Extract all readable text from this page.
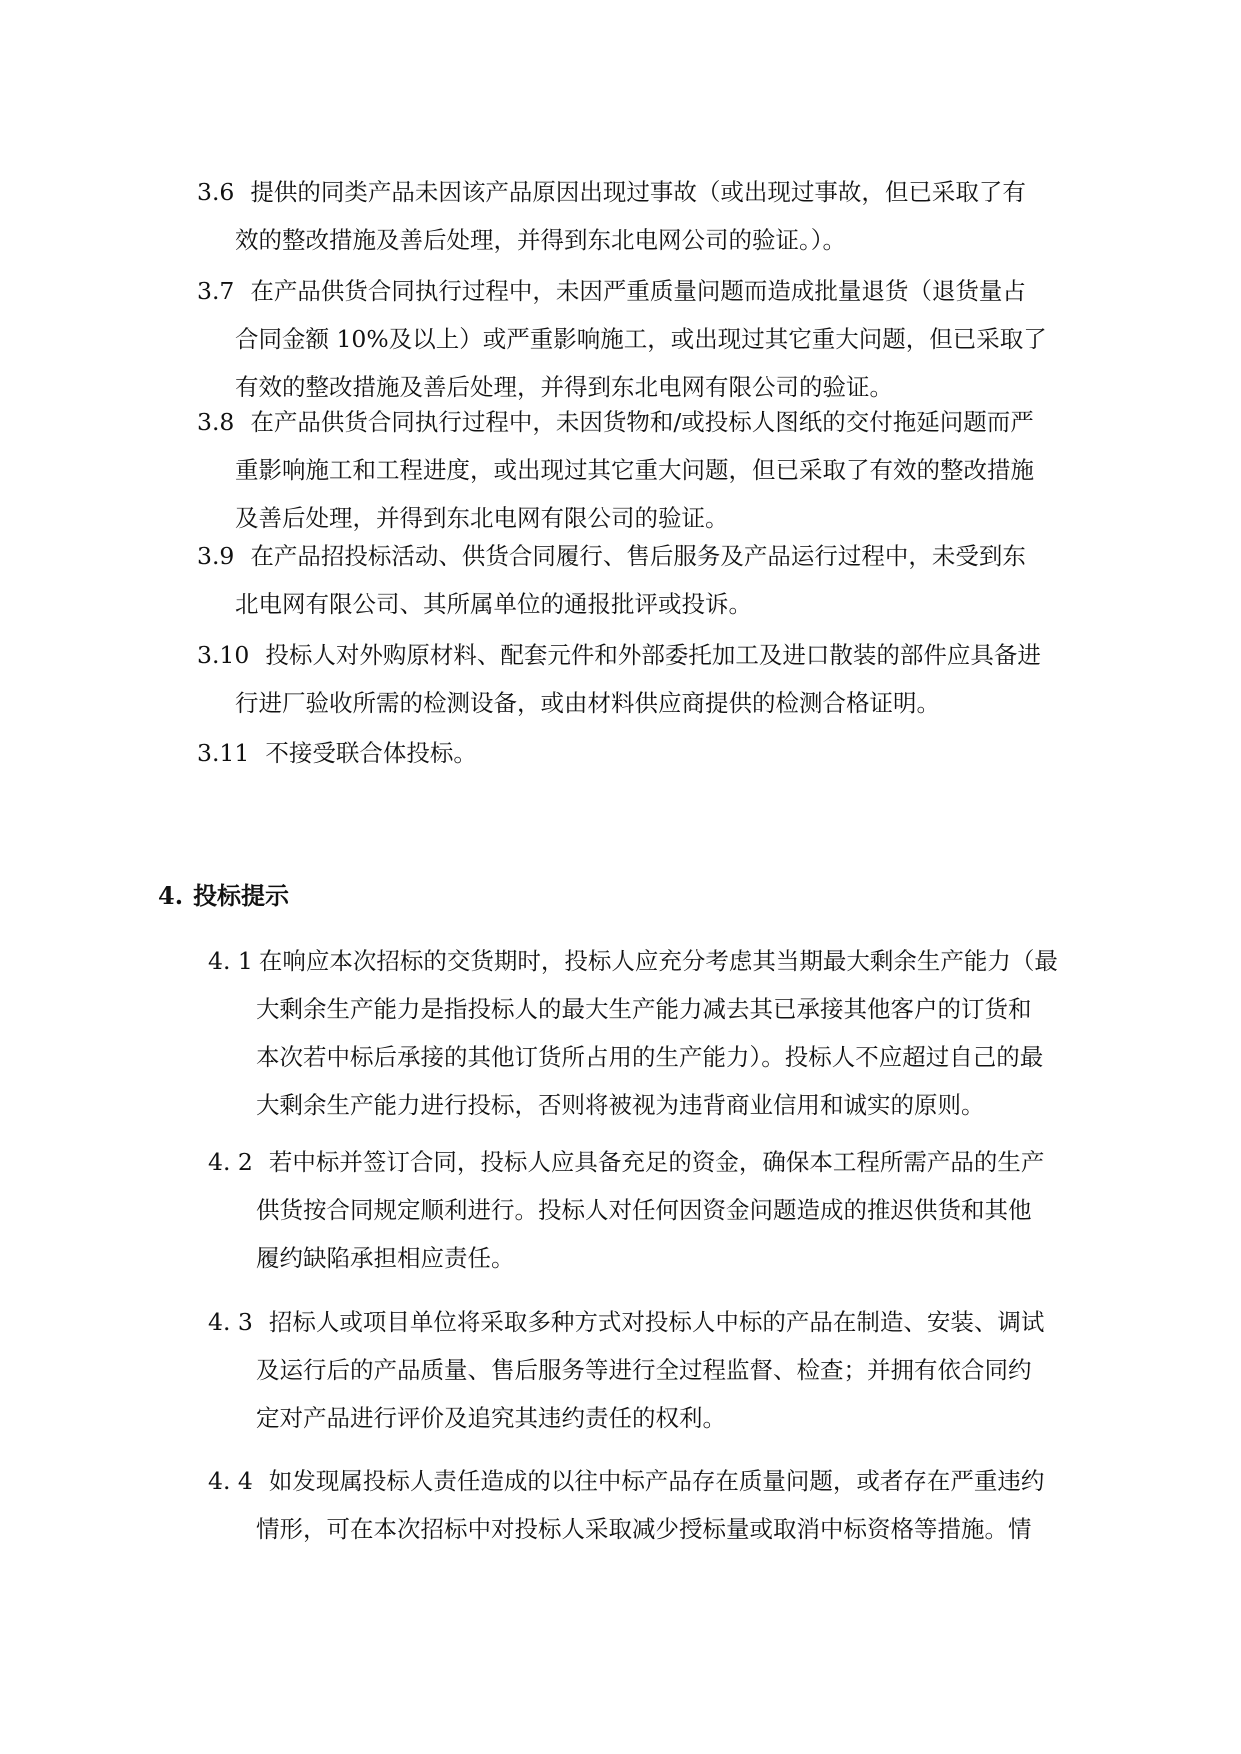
3.6 提供的同类产品未因该产品原因出现过事故（或出现过事故，但已采取了有
效的整改措施及善后处理，并得到东北电网公司的验证。）。
3.7 在产品供货合同执行过程中，未因严重质量问题而造成批量退货（退货量占
合同金额 10%及以上）或严重影响施工，或出现过其它重大问题，但已采取了
有效的整改措施及善后处理，并得到东北电网有限公司的验证。
3.8 在产品供货合同执行过程中，未因货物和/或投标人图纸的交付拖延问题而严
重影响施工和工程进度，或出现过其它重大问题，但已采取了有效的整改措施
及善后处理，并得到东北电网有限公司的验证。
3.9 在产品招投标活动、供货合同履行、售后服务及产品运行过程中，未受到东
北电网有限公司、其所属单位的通报批评或投诉。
3.10 投标人对外购原材料、配套元件和外部委托加工及进口散装的部件应具备进
行进厂验收所需的检测设备，或由材料供应商提供的检测合格证明。
3.11 不接受联合体投标。
4. 投标提示
4. 1 在响应本次招标的交货期时，投标人应充分考虑其当期最大剩余生产能力（最
大剩余生产能力是指投标人的最大生产能力减去其已承接其他客户的订货和
本次若中标后承接的其他订货所占用的生产能力）。投标人不应超过自己的最
大剩余生产能力进行投标，否则将被视为违背商业信用和诚实的原则。
4. 2 若中标并签订合同，投标人应具备充足的资金，确保本工程所需产品的生产
供货按合同规定顺利进行。投标人对任何因资金问题造成的推迟供货和其他
履约缺陷承担相应责任。
4. 3 招标人或项目单位将采取多种方式对投标人中标的产品在制造、安装、调试
及运行后的产品质量、售后服务等进行全过程监督、检查；并拥有依合同约
定对产品进行评价及追究其违约责任的权利。
4. 4 如发现属投标人责任造成的以往中标产品存在质量问题，或者存在严重违约
情形，可在本次招标中对投标人采取减少授标量或取消中标资格等措施。情
